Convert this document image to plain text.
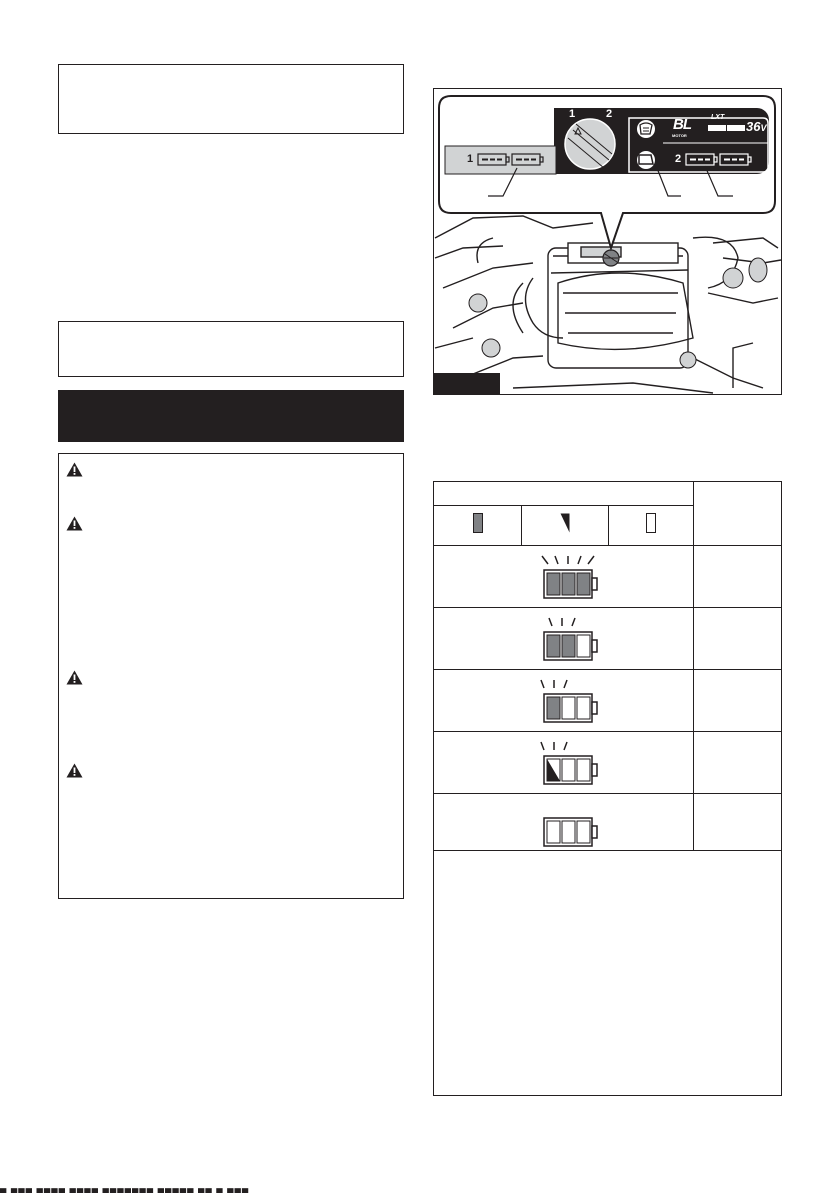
1	2
1	2
LXT
BL
MOTOR
36V

▄ ▄▄▄ ▄▄▄▄ ▄▄▄▄ ▄▄▄▄▄▄▄ ▄▄▄▄▄ ▄▄ ▄ ▄▄▄
